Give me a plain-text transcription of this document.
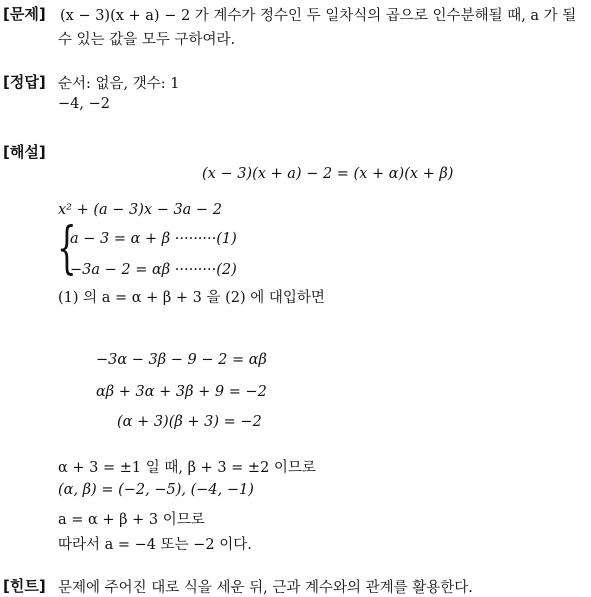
[문제] (x − 3)(x + a) − 2 가 계수가 정수인 두 일차식의 곱으로 인수분해될 때, a 가 될
수 있는 값을 모두 구하여라.
[정답] 순서: 없음, 갯수: 1
−4, −2
[해설]
(x − 3)(x + a) − 2 = (x + α)(x + β)
x² + (a − 3)x − 3a − 2
{
a − 3 = α + β ·········(1)
−3a − 2 = αβ ·········(2)
(1) 의 a = α + β + 3 을 (2) 에 대입하면
−3α − 3β − 9 − 2 = αβ
αβ + 3α + 3β + 9 = −2
(α + 3)(β + 3) = −2
α + 3 = ±1 일 때, β + 3 = ±2 이므로
(α, β) = (−2, −5), (−4, −1)
a = α + β + 3 이므로
따라서 a = −4 또는 −2 이다.
[힌트] 문제에 주어진 대로 식을 세운 뒤, 근과 계수와의 관계를 활용한다.
